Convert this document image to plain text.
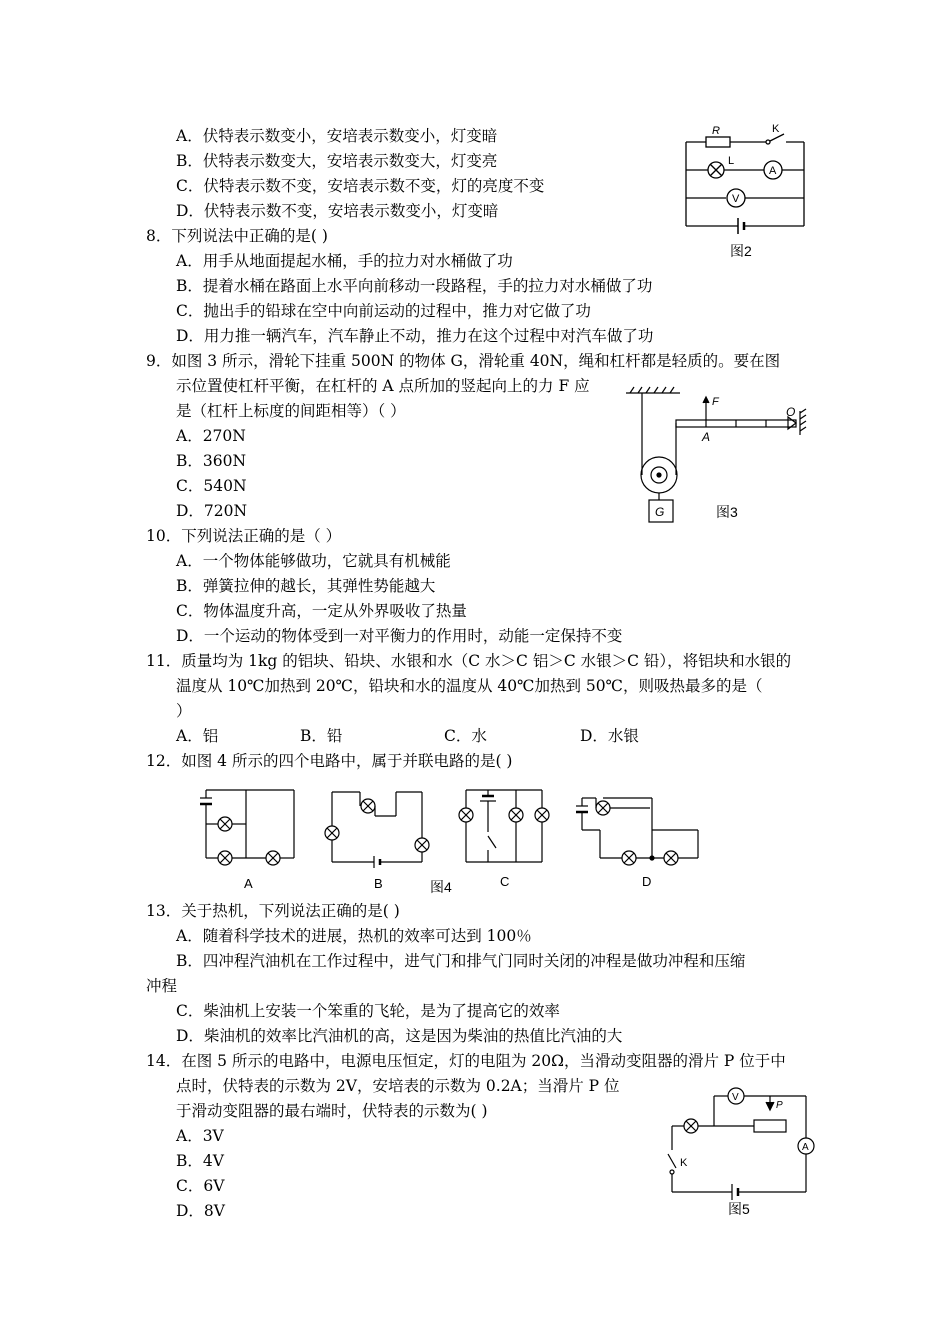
A．伏特表示数变小，安培表示数变小，灯变暗
B．伏特表示数变大，安培表示数变大，灯变亮
C．伏特表示数不变，安培表示数不变，灯的亮度不变
D．伏特表示数不变，安培表示数变小，灯变暗
R	K
L
A
V
图2
8．下列说法中正确的是( )
A．用手从地面提起水桶，手的拉力对水桶做了功
B．提着水桶在路面上水平向前移动一段路程，手的拉力对水桶做了功
C．抛出手的铅球在空中向前运动的过程中，推力对它做了功
D．用力推一辆汽车，汽车静止不动，推力在这个过程中对汽车做了功
9．如图 3 所示，滑轮下挂重 500N 的物体 G，滑轮重 40N，绳和杠杆都是轻质的。要在图
示位置使杠杆平衡，在杠杆的 A 点所加的竖起向上的力 F 应
是（杠杆上标度的间距相等）（ ）
A．270N
B．360N
C．540N
D．720N
F
O
A
G	图3
10．下列说法正确的是（ ）
A．一个物体能够做功，它就具有机械能
B．弹簧拉伸的越长，其弹性势能越大
C．物体温度升高，一定从外界吸收了热量
D．一个运动的物体受到一对平衡力的作用时，动能一定保持不变
11．质量均为 1kg 的铝块、铅块、水银和水（C 水＞C 铝＞C 水银＞C 铅），将铝块和水银的
温度从 10℃加热到 20℃，铅块和水的温度从 40℃加热到 50℃，则吸热最多的是（
）
A．铝	B．铅	C．水	D．水银
12．如图 4 所示的四个电路中，属于并联电路的是( )
A	B	C	D
图4
13．关于热机，下列说法正确的是( )
A．随着科学技术的进展，热机的效率可达到 100％
B．四冲程汽油机在工作过程中，进气门和排气门同时关闭的冲程是做功冲程和压缩
冲程
C．柴油机上安装一个笨重的飞轮，是为了提高它的效率
D．柴油机的效率比汽油机的高，这是因为柴油的热值比汽油的大
14．在图 5 所示的电路中，电源电压恒定，灯的电阻为 20Ω，当滑动变阻器的滑片 P 位于中
点时，伏特表的示数为 2V，安培表的示数为 0.2A；当滑片 P 位
于滑动变阻器的最右端时，伏特表的示数为( )
A．3V
B．4V
C．6V
D．8V
V
P
A
K
图5
